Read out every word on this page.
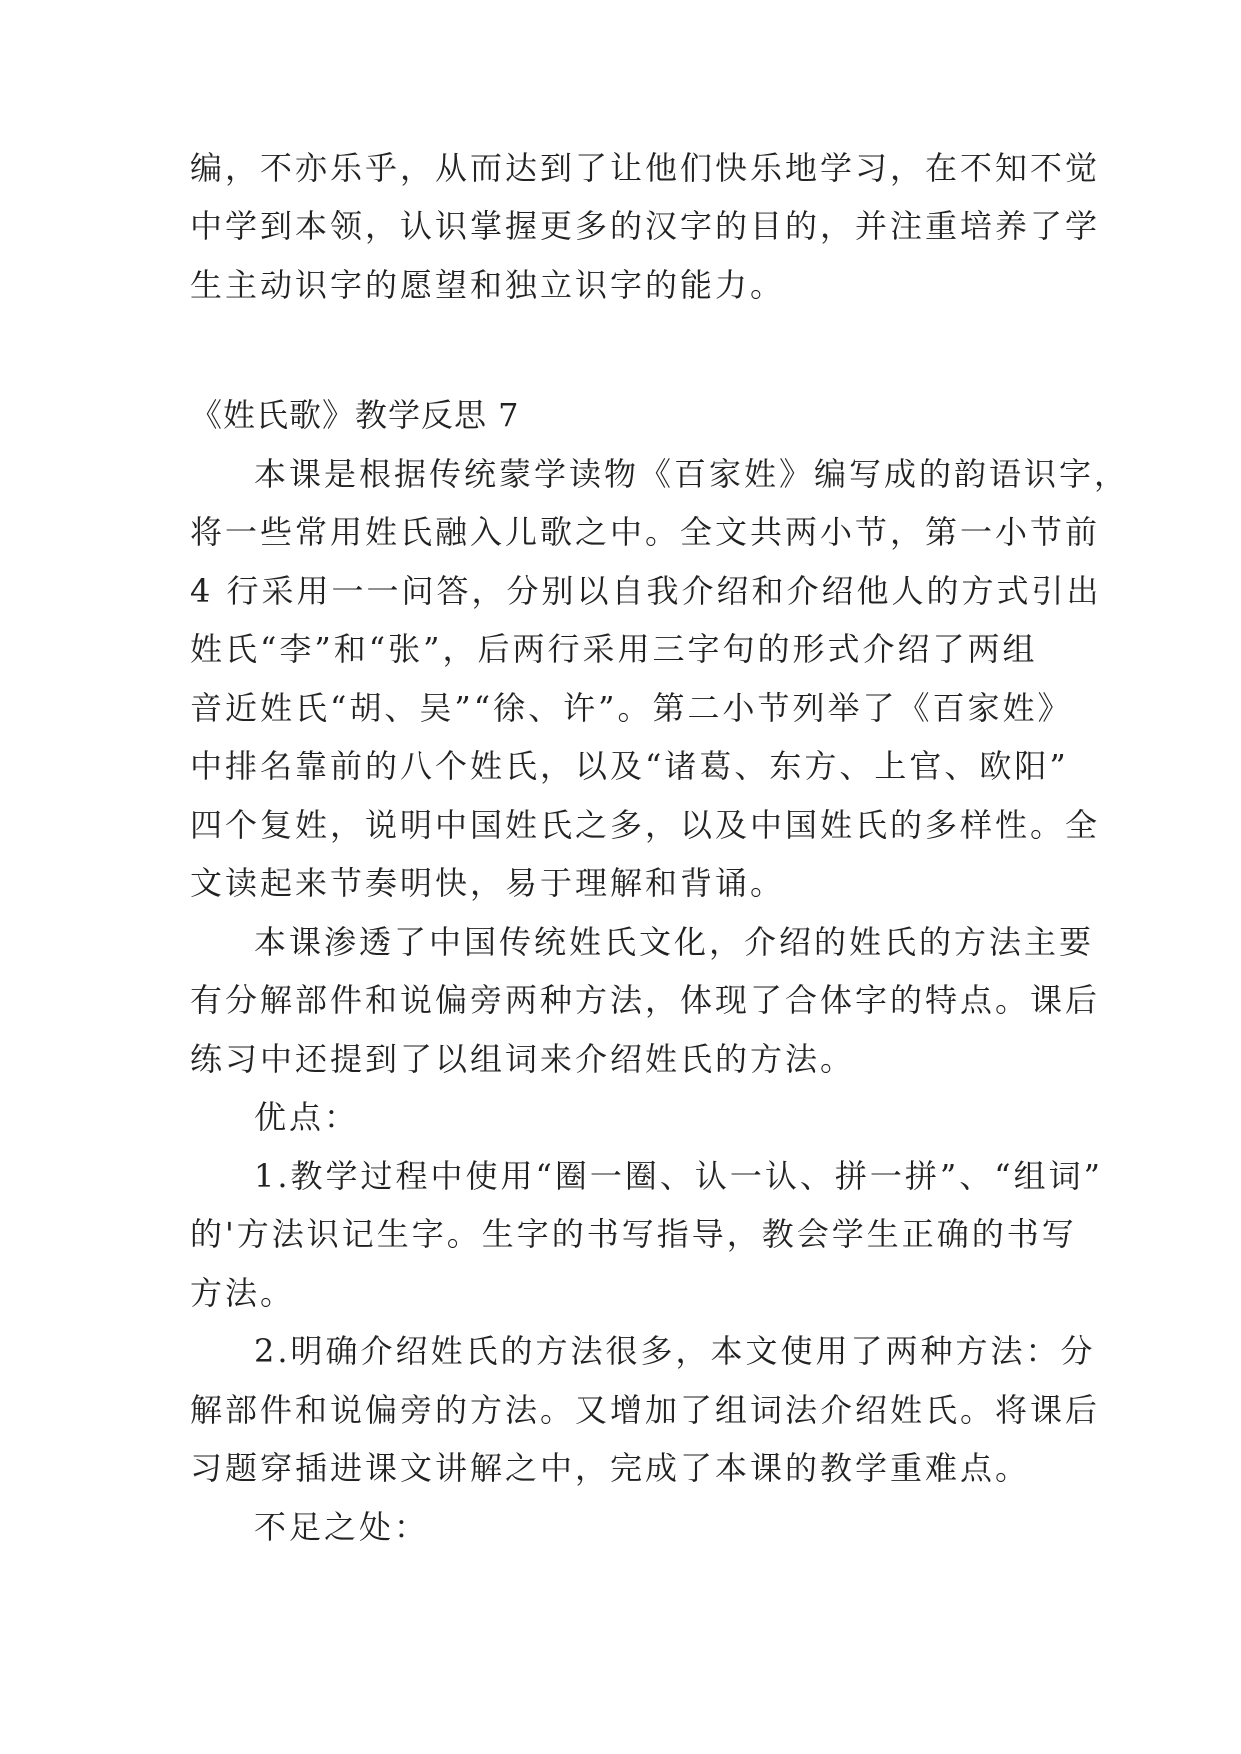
编，不亦乐乎，从而达到了让他们快乐地学习，在不知不觉
中学到本领，认识掌握更多的汉字的目的，并注重培养了学
生主动识字的愿望和独立识字的能力。
《姓氏歌》教学反思 7
本课是根据传统蒙学读物《百家姓》编写成的韵语识字，
将一些常用姓氏融入儿歌之中。全文共两小节，第一小节前
4 行采用一一问答，分别以自我介绍和介绍他人的方式引出
姓氏“李”和“张”，后两行采用三字句的形式介绍了两组
音近姓氏“胡、吴”“徐、许”。第二小节列举了《百家姓》
中排名靠前的八个姓氏，以及“诸葛、东方、上官、欧阳”
四个复姓，说明中国姓氏之多，以及中国姓氏的多样性。全
文读起来节奏明快，易于理解和背诵。
本课渗透了中国传统姓氏文化，介绍的姓氏的方法主要
有分解部件和说偏旁两种方法，体现了合体字的特点。课后
练习中还提到了以组词来介绍姓氏的方法。
优点：
1.教学过程中使用“圈一圈、认一认、拼一拼”、“组词”
的'方法识记生字。生字的书写指导，教会学生正确的书写
方法。
2.明确介绍姓氏的方法很多，本文使用了两种方法：分
解部件和说偏旁的方法。又增加了组词法介绍姓氏。将课后
习题穿插进课文讲解之中，完成了本课的教学重难点。
不足之处：
